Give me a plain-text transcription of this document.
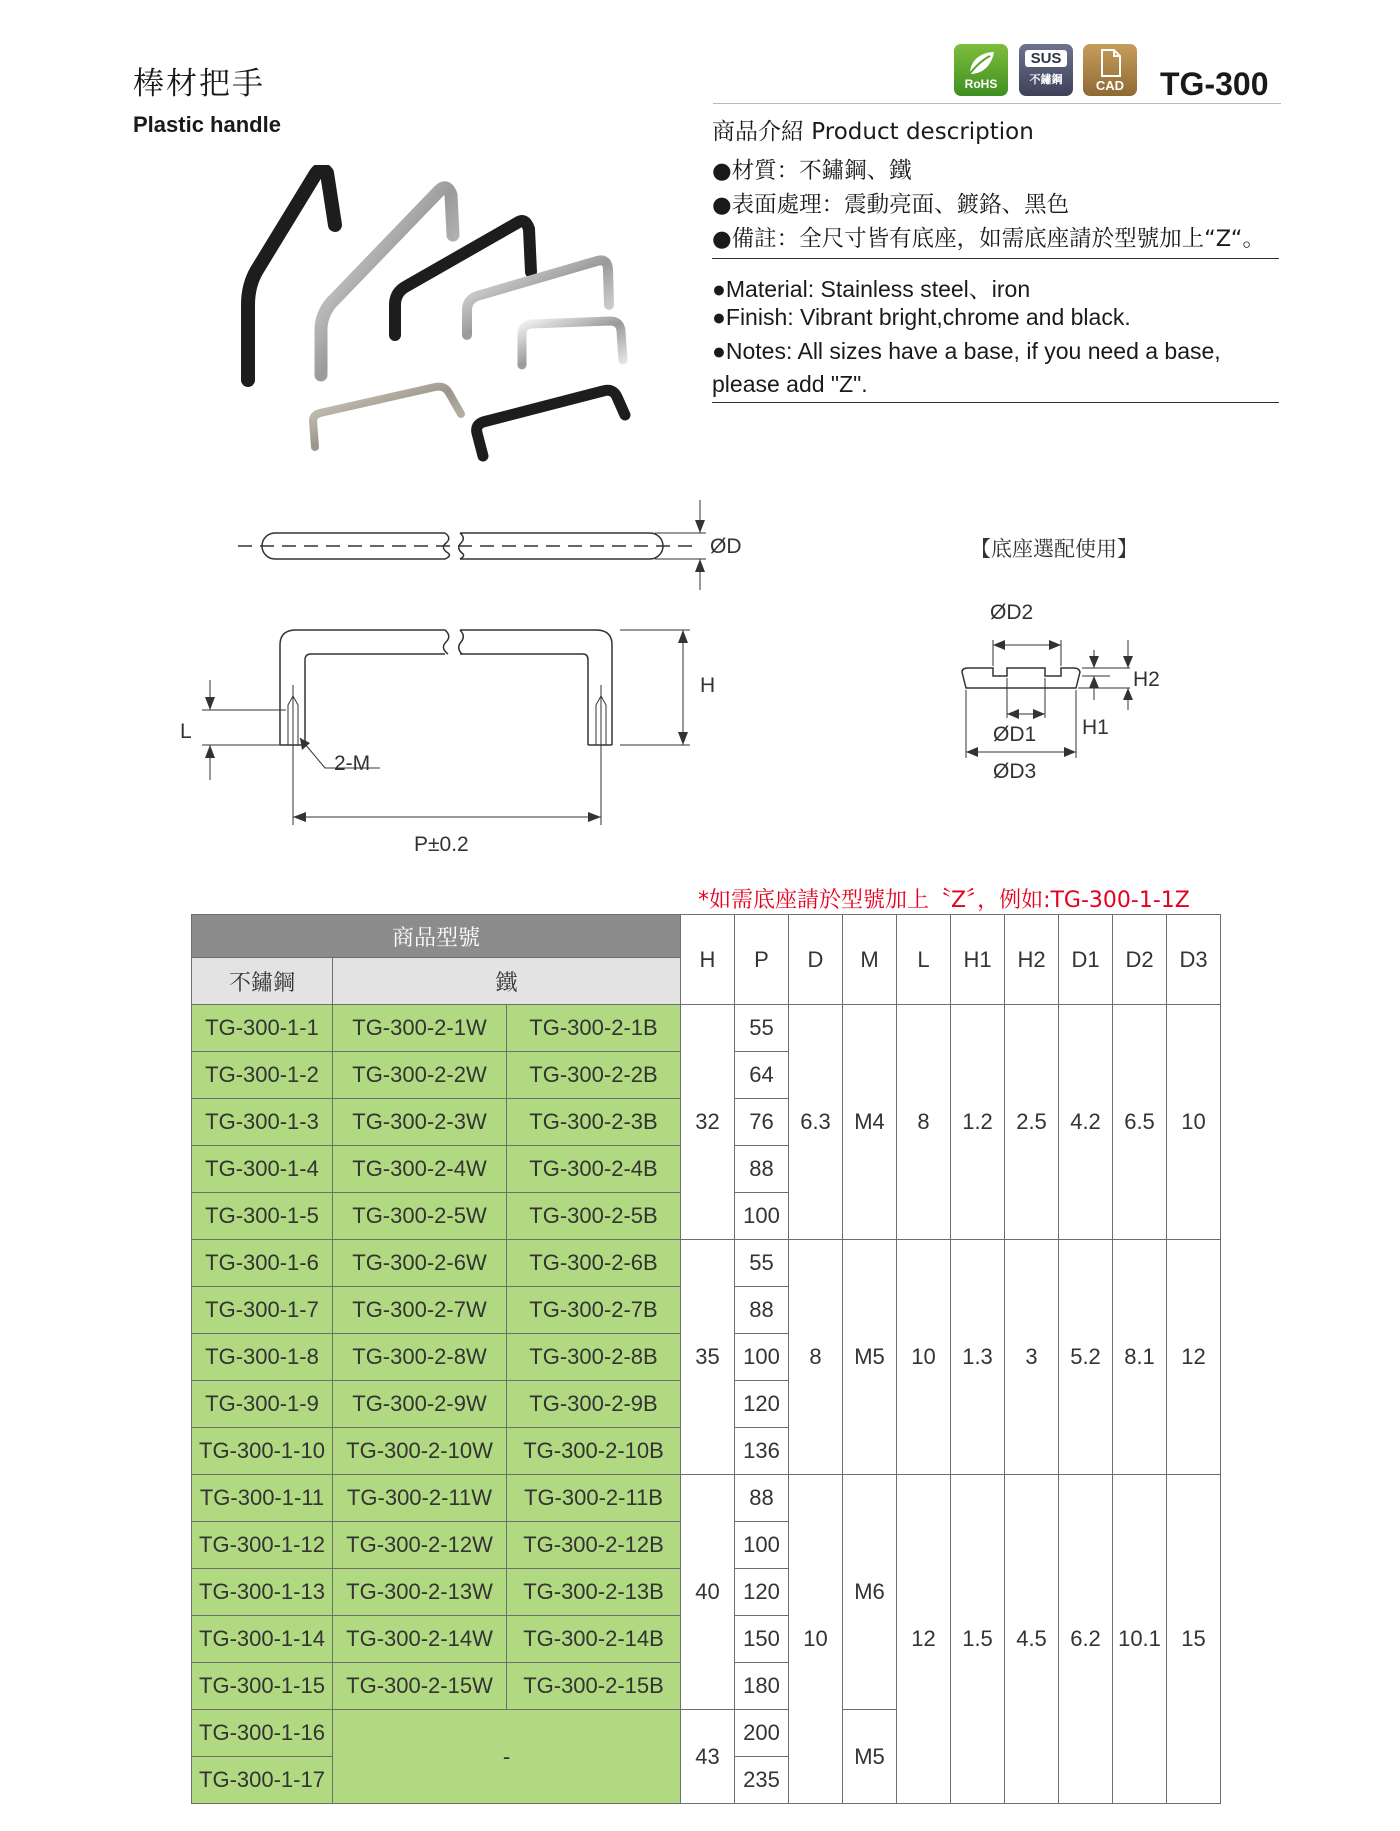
棒材把手
Plastic handle
RoHS
SUS
不鏽鋼	CAD	TG-300
商品介紹 Product description
●材質：不鏽鋼、鐵
●表面處理：震動亮面、鍍鉻、黑色
●備註：全尺寸皆有底座，如需底座請於型號加上“Z“。
●Material: Stainless steel、iron
●Finish: Vibrant bright,chrome and black.
●Notes: All sizes have a base, if you need a base,
please add "Z".
ØD
H
L
2-M
P±0.2
【底座選配使用】
ØD2
H2
H1
ØD1
ØD3
*如需底座請於型號加上〝Z〞，例如:TG-300-1-1Z
商品型號			H	P	D	M	L	H1	H2	D1	D2	D3
不鏽鋼	鐵											
TG-300-1-1	TG-300-2-1W	TG-300-2-1B	32	55	6.3	M4	8	1.2	2.5	4.2	6.5	10
TG-300-1-2	TG-300-2-2W	TG-300-2-2B		64								
TG-300-1-3	TG-300-2-3W	TG-300-2-3B		76								
TG-300-1-4	TG-300-2-4W	TG-300-2-4B		88								
TG-300-1-5	TG-300-2-5W	TG-300-2-5B		100								
TG-300-1-6	TG-300-2-6W	TG-300-2-6B	35	55	8	M5	10	1.3	3	5.2	8.1	12
TG-300-1-7	TG-300-2-7W	TG-300-2-7B		88								
TG-300-1-8	TG-300-2-8W	TG-300-2-8B		100								
TG-300-1-9	TG-300-2-9W	TG-300-2-9B		120								
TG-300-1-10	TG-300-2-10W	TG-300-2-10B		136								
TG-300-1-11	TG-300-2-11W	TG-300-2-11B	40	88	10	M6	12	1.5	4.5	6.2	10.1	15
TG-300-1-12	TG-300-2-12W	TG-300-2-12B		100								
TG-300-1-13	TG-300-2-13W	TG-300-2-13B		120								
TG-300-1-14	TG-300-2-14W	TG-300-2-14B		150								
TG-300-1-15	TG-300-2-15W	TG-300-2-15B		180								
TG-300-1-16	-		43	200		M5						
TG-300-1-17				235								
